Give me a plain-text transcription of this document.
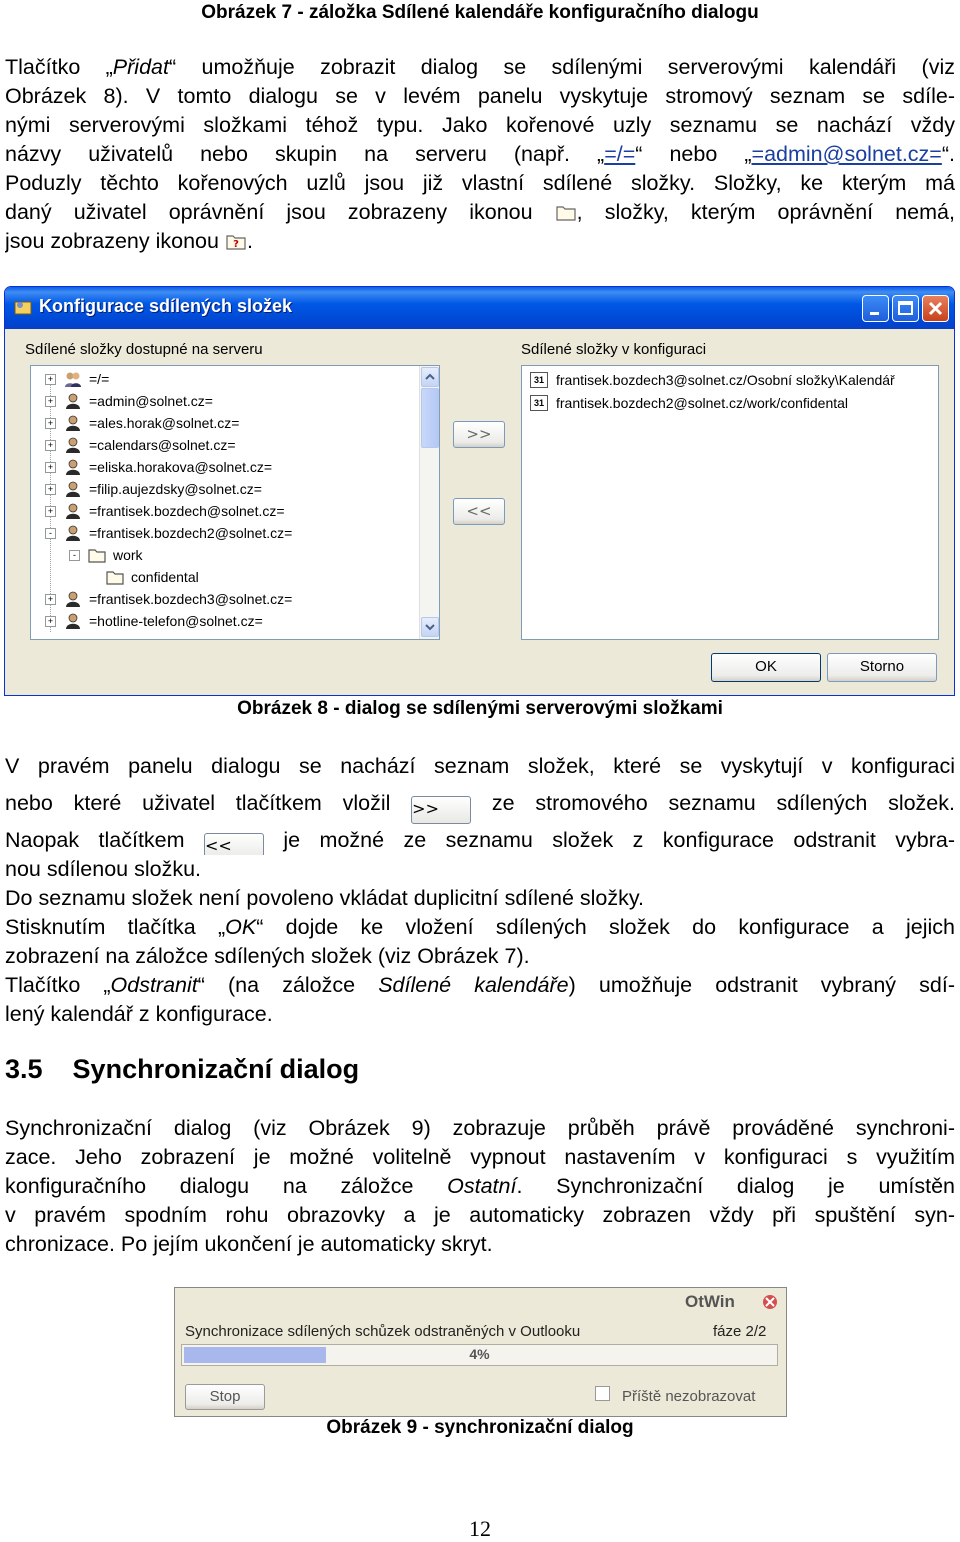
Obrázek 7 - záložka Sdílené kalendáře konfiguračního dialogu
Tlačítko „Přidat“ umožňuje zobrazit dialog se sdílenými serverovými kalendáři (viz
Obrázek 8). V tomto dialogu se v levém panelu vyskytuje stromový seznam se sdíle-
nými serverovými složkami téhož typu. Jako kořenové uzly seznamu se nachází vždy
názvy uživatelů nebo skupin na serveru (např. „=/=“ nebo „=admin@solnet.cz=“.
Poduzly těchto kořenových uzlů jsou již vlastní sdílené složky. Složky, ke kterým má
daný uživatel oprávnění jsou zobrazeny ikonou , složky, kterým oprávnění nemá,
jsou zobrazeny ikonou ? .
Konfigurace sdílených složek
Sdílené složky dostupné na serveru	Sdílené složky v konfiguraci
+	=/=
+	=admin@solnet.cz=
+	=ales.horak@solnet.cz=
+	=calendars@solnet.cz=
+	=eliska.horakova@solnet.cz=
+	=filip.aujezdsky@solnet.cz=
+	=frantisek.bozdech@solnet.cz=
-	=frantisek.bozdech2@solnet.cz=
-	work
confidental
+	=frantisek.bozdech3@solnet.cz=
+	=hotline-telefon@solnet.cz=
>>
<<
31 frantisek.bozdech3@solnet.cz/Osobní složky\Kalendář
31 frantisek.bozdech2@solnet.cz/work/confidental
OK	Storno
Obrázek 8 - dialog se sdílenými serverovými složkami
V pravém panelu dialogu se nachází seznam složek, které se vyskytují v konfiguraci
nebo které uživatel tlačítkem vložil >> ze stromového seznamu sdílených složek.
Naopak tlačítkem << je možné ze seznamu složek z konfigurace odstranit vybra-
nou sdílenou složku.
Do seznamu složek není povoleno vkládat duplicitní sdílené složky.
Stisknutím tlačítka „OK“ dojde ke vložení sdílených složek do konfigurace a jejich
zobrazení na záložce sdílených složek (viz Obrázek 7).
Tlačítko „Odstranit“ (na záložce Sdílené kalendáře) umožňuje odstranit vybraný sdí-
lený kalendář z konfigurace.
3.5 Synchronizační dialog
Synchronizační dialog (viz Obrázek 9) zobrazuje průběh právě prováděné synchroni-
zace. Jeho zobrazení je možné volitelně vypnout nastavením v konfiguraci s využitím
konfiguračního dialogu na záložce Ostatní. Synchronizační dialog je umístěn
v pravém spodním rohu obrazovky a je automaticky zobrazen vždy při spuštění syn-
chronizace. Po jejím ukončení je automaticky skryt.
OtWin
Synchronizace sdílených schůzek odstraněných v Outlooku	fáze 2/2
4%
Stop	Příště nezobrazovat
Obrázek 9 - synchronizační dialog
12
